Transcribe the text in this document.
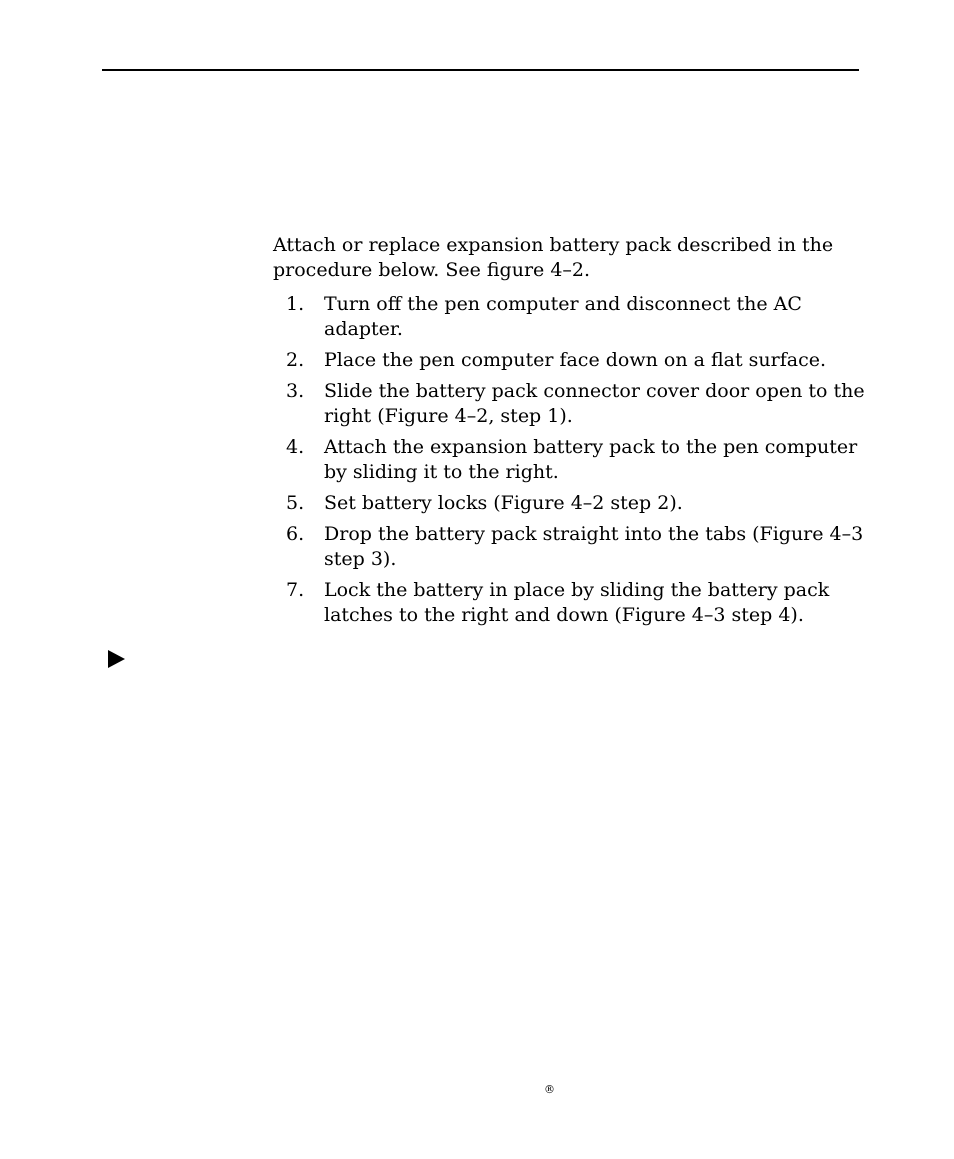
Attach or replace expansion battery pack described in the procedure below. See figure 4–2.

1. Turn off the pen computer and disconnect the AC adapter.
2. Place the pen computer face down on a flat surface.
3. Slide the battery pack connector cover door open to the right (Figure 4–2, step 1).
4. Attach the expansion battery pack to the pen computer by sliding it to the right.
5. Set battery locks (Figure 4–2 step 2).
6. Drop the battery pack straight into the tabs (Figure 4–3 step 3).
7. Lock the battery in place by sliding the battery pack latches to the right and down (Figure 4–3 step 4).
®
